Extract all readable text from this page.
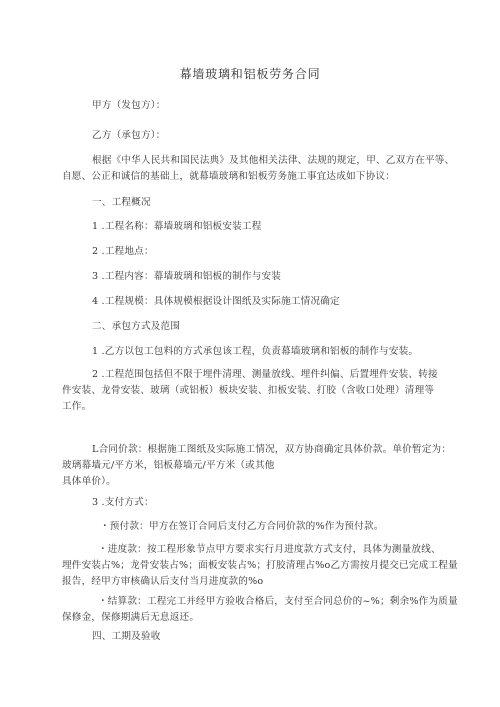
幕墙玻璃和铝板劳务合同
甲方（发包方）：
乙方（承包方）：
根据《中华人民共和国民法典》及其他相关法律、法规的规定，甲、乙双方在平等、
自愿、公正和诚信的基础上，就幕墙玻璃和铝板劳务施工事宜达成如下协议：
一、工程概况
1 .工程名称：幕墙玻璃和铝板安装工程
2 .工程地点：
3 .工程内容：幕墙玻璃和铝板的制作与安装
4 .工程规模：具体规模根据设计图纸及实际施工情况确定
二、承包方式及范围
1 .乙方以包工包料的方式承包该工程，负责幕墙玻璃和铝板的制作与安装。
2 .工程范围包括但不限于埋件清理、测量放线、埋件纠偏、后置埋件安装、转接
件安装、龙骨安装、玻璃（或铝板）板块安装、扣板安装、打胶（含收口处理）清理等
工作。
L合同价款：根据施工图纸及实际施工情况，双方协商确定具体价款。单价暂定为：
玻璃幕墙元/平方米，铝板幕墙元/平方米（或其他
具体单价）。
3 .支付方式：
・预付款：甲方在签订合同后支付乙方合同价款的%作为预付款。
・进度款：按工程形象节点甲方要求实行月进度款方式支付，具体为测量放线、
埋件安装占%；龙骨安装占%；面板安装占%；打胶清理占%o乙方需按月提交已完成工程量
报告，经甲方审核确认后支付当月进度款的%o
・结算款：工程完工并经甲方验收合格后，支付至合同总价的~%；剩余%作为质量
保修金，保修期满后无息返还。
四、工期及验收
